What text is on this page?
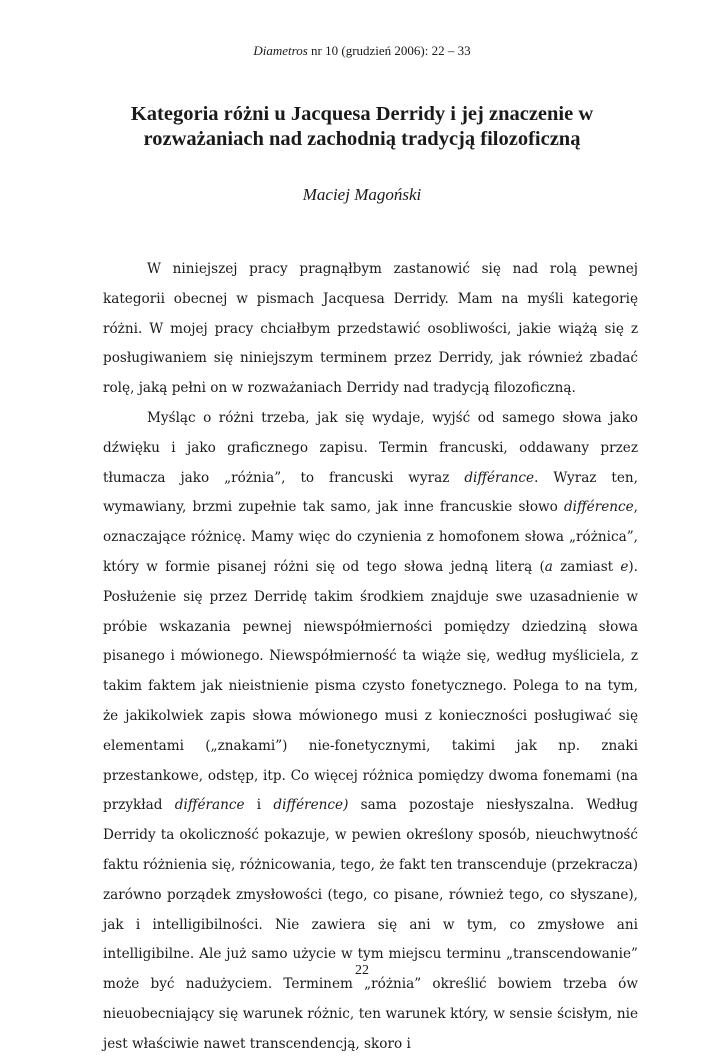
Diametros nr 10 (grudzień 2006): 22 – 33
Kategoria różni u Jacquesa Derridy i jej znaczenie w rozważaniach nad zachodnią tradycją filozoficzną
Maciej Magoński

W niniejszej pracy pragnąłbym zastanowić się nad rolą pewnej kategorii obecnej w pismach Jacquesa Derridy. Mam na myśli kategorię różni. W mojej pracy chciałbym przedstawić osobliwości, jakie wiążą się z posługiwaniem się niniejszym terminem przez Derridy, jak również zbadać rolę, jaką pełni on w rozważaniach Derridy nad tradycją filozoficzną.

Myśląc o różni trzeba, jak się wydaje, wyjść od samego słowa jako dźwięku i jako graficznego zapisu. Termin francuski, oddawany przez tłumacza jako „różnia”, to francuski wyraz différance. Wyraz ten, wymawiany, brzmi zupełnie tak samo, jak inne francuskie słowo différence, oznaczające różnicę. Mamy więc do czynienia z homofonem słowa „różnica”, który w formie pisanej różni się od tego słowa jedną literą (a zamiast e). Posłużenie się przez Derridę takim środkiem znajduje swe uzasadnienie w próbie wskazania pewnej niewspółmierności pomiędzy dziedziną słowa pisanego i mówionego. Niewspółmierność ta wiąże się, według myśliciela, z takim faktem jak nieistnienie pisma czysto fonetycznego. Polega to na tym, że jakikolwiek zapis słowa mówionego musi z konieczności posługiwać się elementami („znakami”) nie-fonetycznymi, takimi jak np. znaki przestankowe, odstęp, itp. Co więcej różnica pomiędzy dwoma fonemami (na przykład différance i différence) sama pozostaje niesłyszalna. Według Derridy ta okoliczność pokazuje, w pewien określony sposób, nieuchwytność faktu różnienia się, różnicowania, tego, że fakt ten transcenduje (przekracza) zarówno porządek zmysłowości (tego, co pisane, również tego, co słyszane), jak i intelligibilności. Nie zawiera się ani w tym, co zmysłowe ani intelligibilne. Ale już samo użycie w tym miejscu terminu „transcendowanie” może być nadużyciem. Terminem „różnia” określić bowiem trzeba ów nieuobecniający się warunek różnic, ten warunek który, w sensie ścisłym, nie jest właściwie nawet transcendencją, skoro i

22
